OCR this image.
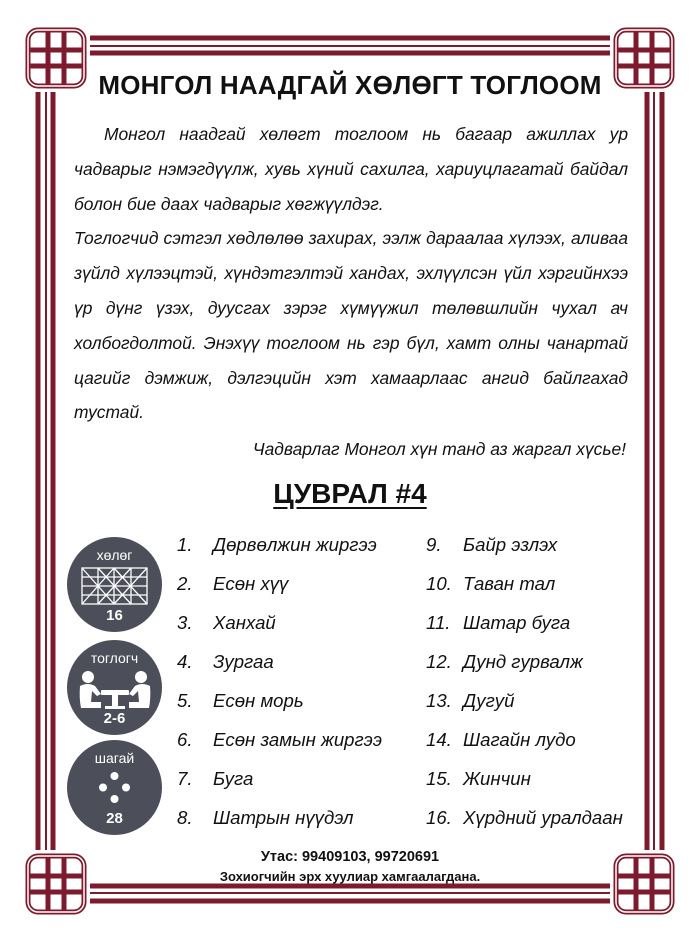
МОНГОЛ НААДГАЙ ХӨЛӨГТ ТОГЛООМ

Монгол наадгай хөлөгт тоглоом нь багаар ажиллах ур чадварыг нэмэгдүүлж, хувь хүний сахилга, хариуцлагатай байдал болон бие даах чадварыг хөгжүүлдэг.

Тоглогчид сэтгэл хөдлөлөө захирах, ээлж дараалаа хүлээх, аливаа зүйлд хүлээцтэй, хүндэтгэлтэй хандах, эхлүүлсэн үйл хэргийнхээ үр дүнг үзэх, дуусгах зэрэг хүмүүжил төлөвшлийн чухал ач холбогдолтой. Энэхүү тоглоом нь гэр бүл, хамт олны чанартай цагийг дэмжиж, дэлгэцийн хэт хамаарлаас ангид байлгахад тустай.

Чадварлаг Монгол хүн танд аз жаргал хүсье!
ЦУВРАЛ #4
хөлөг
16
тоглогч
2-6
шагай
28
1. Дөрвөлжин жиргээ
2. Есөн хүү
3. Ханхай
4. Зургаа
5. Есөн морь
6. Есөн замын жиргээ
7. Буга
8. Шатрын нүүдэл
9. Байр эзлэх
10. Таван тал
11. Шатар буга
12. Дунд гурвалж
13. Дугуй
14. Шагайн лудо
15. Жинчин
16. Хүрдний уралдаан
Утас: 99409103, 99720691
Зохиогчийн эрх хуулиар хамгаалагдана.
